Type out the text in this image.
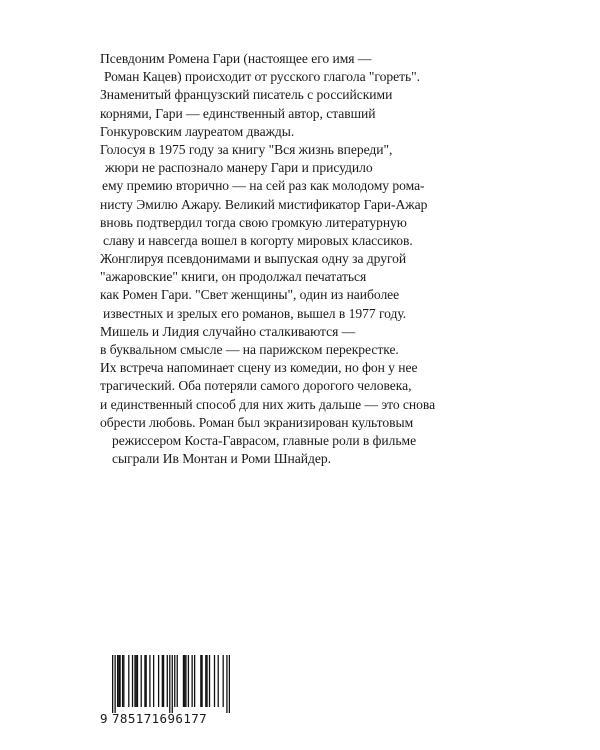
Псевдоним Ромена Гари (настоящее его имя —
Роман Кацев) происходит от русского глагола "гореть".
Знаменитый французский писатель с российскими
корнями, Гари — единственный автор, ставший
Гонкуровским лауреатом дважды.
Голосуя в 1975 году за книгу "Вся жизнь впереди",
жюри не распознало манеру Гари и присудило
ему премию вторично — на сей раз как молодому рома-
нисту Эмилю Ажару. Великий мистификатор Гари-Ажар
вновь подтвердил тогда свою громкую литературную
славу и навсегда вошел в когорту мировых классиков.
Жонглируя псевдонимами и выпуская одну за другой
"ажаровские" книги, он продолжал печататься
как Ромен Гари. "Свет женщины", один из наиболее
известных и зрелых его романов, вышел в 1977 году.
Мишель и Лидия случайно сталкиваются —
в буквальном смысле — на парижском перекрестке.
Их встреча напоминает сцену из комедии, но фон у нее
трагический. Оба потеряли самого дорогого человека,
и единственный способ для них жить дальше — это снова
обрести любовь. Роман был экранизирован культовым
режиссером Коста-Гаврасом, главные роли в фильме
сыграли Ив Монтан и Роми Шнайдер.
9 785171696177
